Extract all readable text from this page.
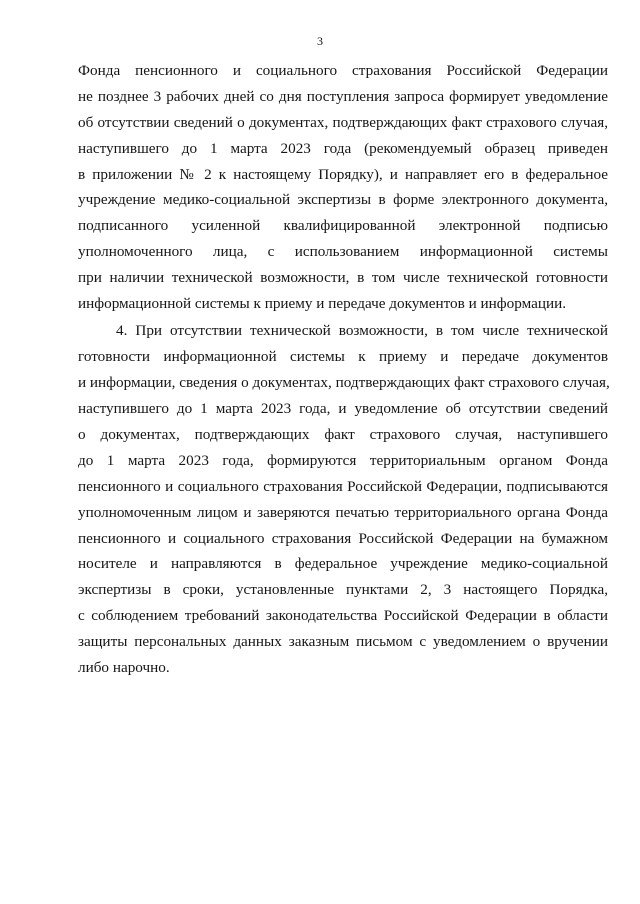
3
Фонда пенсионного и социального страхования Российской Федерации
не позднее 3 рабочих дней со дня поступления запроса формирует уведомление
об отсутствии сведений о документах, подтверждающих факт страхового случая,
наступившего до 1 марта 2023 года (рекомендуемый образец приведен
в приложении № 2 к настоящему Порядку), и направляет его в федеральное
учреждение медико-социальной экспертизы в форме электронного документа,
подписанного усиленной квалифицированной электронной подписью
уполномоченного лица, с использованием информационной системы
при наличии технической возможности, в том числе технической готовности
информационной системы к приему и передаче документов и информации.
4. При отсутствии технической возможности, в том числе технической
готовности информационной системы к приему и передаче документов
и информации, сведения о документах, подтверждающих факт страхового случая,
наступившего до 1 марта 2023 года, и уведомление об отсутствии сведений
о документах, подтверждающих факт страхового случая, наступившего
до 1 марта 2023 года, формируются территориальным органом Фонда
пенсионного и социального страхования Российской Федерации, подписываются
уполномоченным лицом и заверяются печатью территориального органа Фонда
пенсионного и социального страхования Российской Федерации на бумажном
носителе и направляются в федеральное учреждение медико-социальной
экспертизы в сроки, установленные пунктами 2, 3 настоящего Порядка,
с соблюдением требований законодательства Российской Федерации в области
защиты персональных данных заказным письмом с уведомлением о вручении
либо нарочно.
